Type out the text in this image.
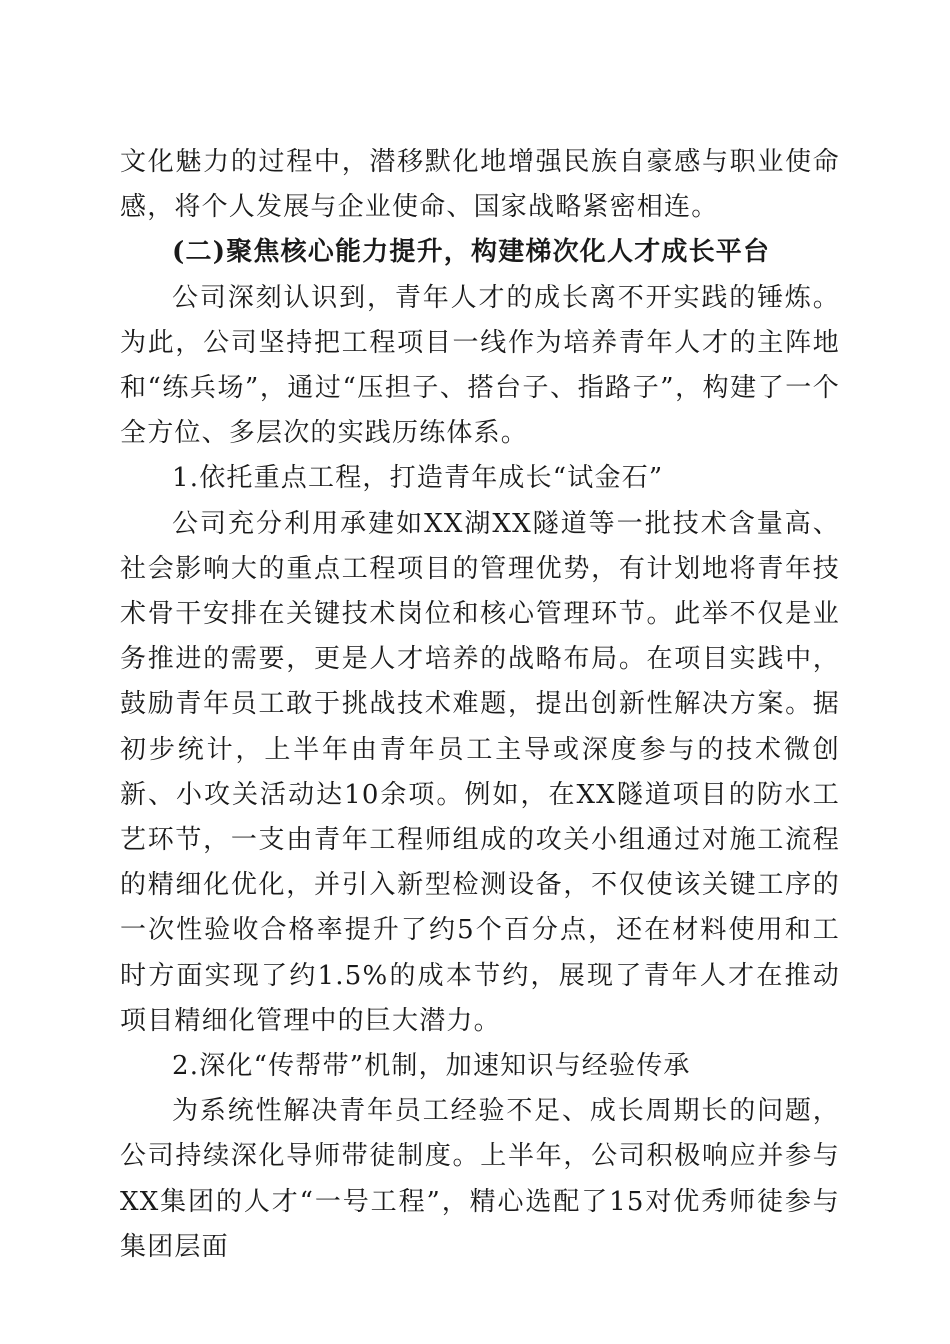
文化魅力的过程中，潜移默化地增强民族自豪感与职业使命感，将个人发展与企业使命、国家战略紧密相连。

(二)聚焦核心能力提升，构建梯次化人才成长平台

公司深刻认识到，青年人才的成长离不开实践的锤炼。为此，公司坚持把工程项目一线作为培养青年人才的主阵地和“练兵场”，通过“压担子、搭台子、指路子”，构建了一个全方位、多层次的实践历练体系。

1.依托重点工程，打造青年成长“试金石”

公司充分利用承建如XX湖XX隧道等一批技术含量高、社会影响大的重点工程项目的管理优势，有计划地将青年技术骨干安排在关键技术岗位和核心管理环节。此举不仅是业务推进的需要，更是人才培养的战略布局。在项目实践中，鼓励青年员工敢于挑战技术难题，提出创新性解决方案。据初步统计，上半年由青年员工主导或深度参与的技术微创新、小攻关活动达10余项。例如，在XX隧道项目的防水工艺环节，一支由青年工程师组成的攻关小组通过对施工流程的精细化优化，并引入新型检测设备，不仅使该关键工序的一次性验收合格率提升了约5个百分点，还在材料使用和工时方面实现了约1.5%的成本节约，展现了青年人才在推动项目精细化管理中的巨大潜力。

2.深化“传帮带”机制，加速知识与经验传承

为系统性解决青年员工经验不足、成长周期长的问题，公司持续深化导师带徒制度。上半年，公司积极响应并参与XX集团的人才“一号工程”，精心选配了15对优秀师徒参与集团层面
